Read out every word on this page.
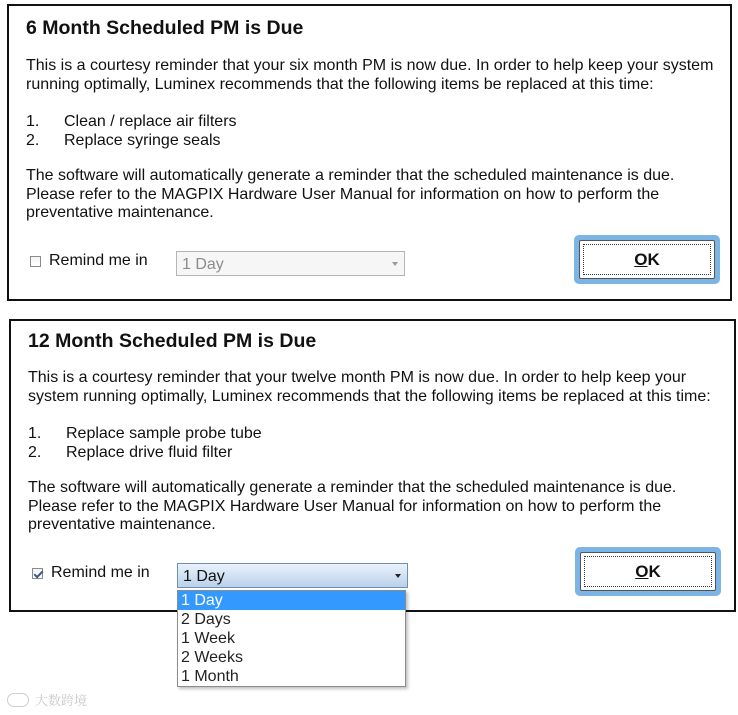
6 Month Scheduled PM is Due
This is a courtesy reminder that your six month PM is now due. In order to help keep your system
running optimally, Luminex recommends that the following items be replaced at this time:
1.	Clean / replace air filters
2.	Replace syringe seals
The software will automatically generate a reminder that the scheduled maintenance is due.
Please refer to the MAGPIX Hardware User Manual for information on how to perform the
preventative maintenance.
Remind me in	1 Day	OK
12 Month Scheduled PM is Due
This is a courtesy reminder that your twelve month PM is now due. In order to help keep your
system running optimally, Luminex recommends that the following items be replaced at this time:
1.	Replace sample probe tube
2.	Replace drive fluid filter
The software will automatically generate a reminder that the scheduled maintenance is due.
Please refer to the MAGPIX Hardware User Manual for information on how to perform the
preventative maintenance.
Remind me in	1 Day	OK
1 Day
2 Days
1 Week
2 Weeks
1 Month
大数跨境
